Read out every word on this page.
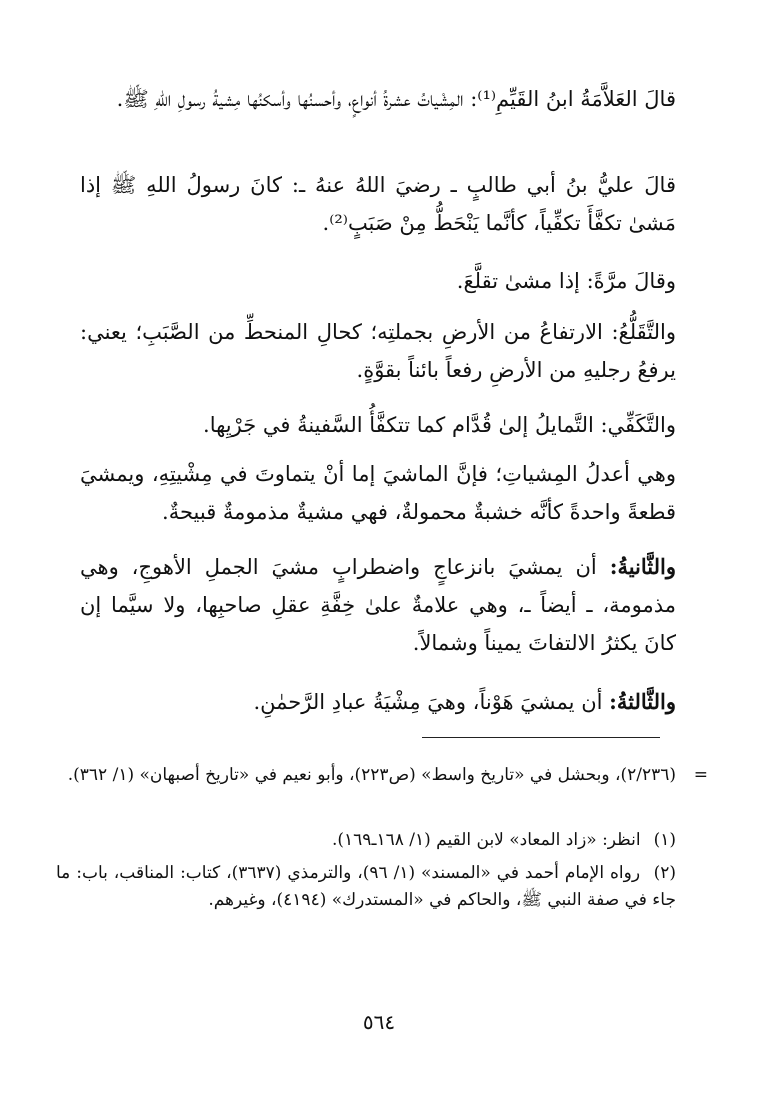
قالَ العَلاَّمَةُ ابنُ القَيِّمِ⁽¹⁾: المِشْياتُ عشرةُ أنواعٍ، وأحسنُها وأسكنُها مِشيةُ رسولِ اللهِ ﷺ.

قالَ عليُّ بنُ أبي طالبٍ ـ رضيَ اللهُ عنهُ ـ: كانَ رسولُ اللهِ ﷺ إذا مَشىٰ تكفَّأَ تكفِّياً، كأنَّما يَنْحَطُّ مِنْ صَبَبٍ⁽²⁾.

وقالَ مرَّةً: إذا مشىٰ تقلَّعَ.

والتَّقَلُّعُ: الارتفاعُ من الأرضِ بجملتِه؛ كحالِ المنحطِّ من الصَّبَبِ؛ يعني: يرفعُ رجليهِ من الأرضِ رفعاً بائناً بقوَّةٍ.

والتَّكَفِّي: التَّمايلُ إلىٰ قُدَّام كما تتكفَّأُ السَّفينةُ في جَرْيِها.

وهي أعدلُ المِشياتِ؛ فإنَّ الماشيَ إما أنْ يتماوتَ في مِشْيتِهِ، ويمشيَ قطعةً واحدةً كأنَّه خشبةٌ محمولةٌ، فهي مشيةٌ مذمومةٌ قبيحةٌ.

والثَّانيةُ: أن يمشيَ بانزعاجٍ واضطرابٍ مشيَ الجملِ الأهوجِ، وهي مذمومة، ـ أيضاً ـ، وهي علامةٌ علىٰ خِفَّةِ عقلِ صاحبِها، ولا سيَّما إن كانَ يكثرُ الالتفاتَ يميناً وشمالاً.

والثَّالثةُ: أن يمشيَ هَوْناً، وهيَ مِشْيَةُ عبادِ الرَّحمٰنِ.

=
(٢/٢٣٦)، وبحشل في «تاريخ واسط» (ص٢٢٣)، وأبو نعيم في «تاريخ أصبهان» (١/ ٣٦٢).

(١) انظر: «زاد المعاد» لابن القيم (١/ ١٦٨ـ١٦٩).

(٢) رواه الإمام أحمد في «المسند» (١/ ٩٦)، والترمذي (٣٦٣٧)، كتاب: المناقب، باب: ما جاء في صفة النبي ﷺ، والحاكم في «المستدرك» (٤١٩٤)، وغيرهم.

٥٦٤
